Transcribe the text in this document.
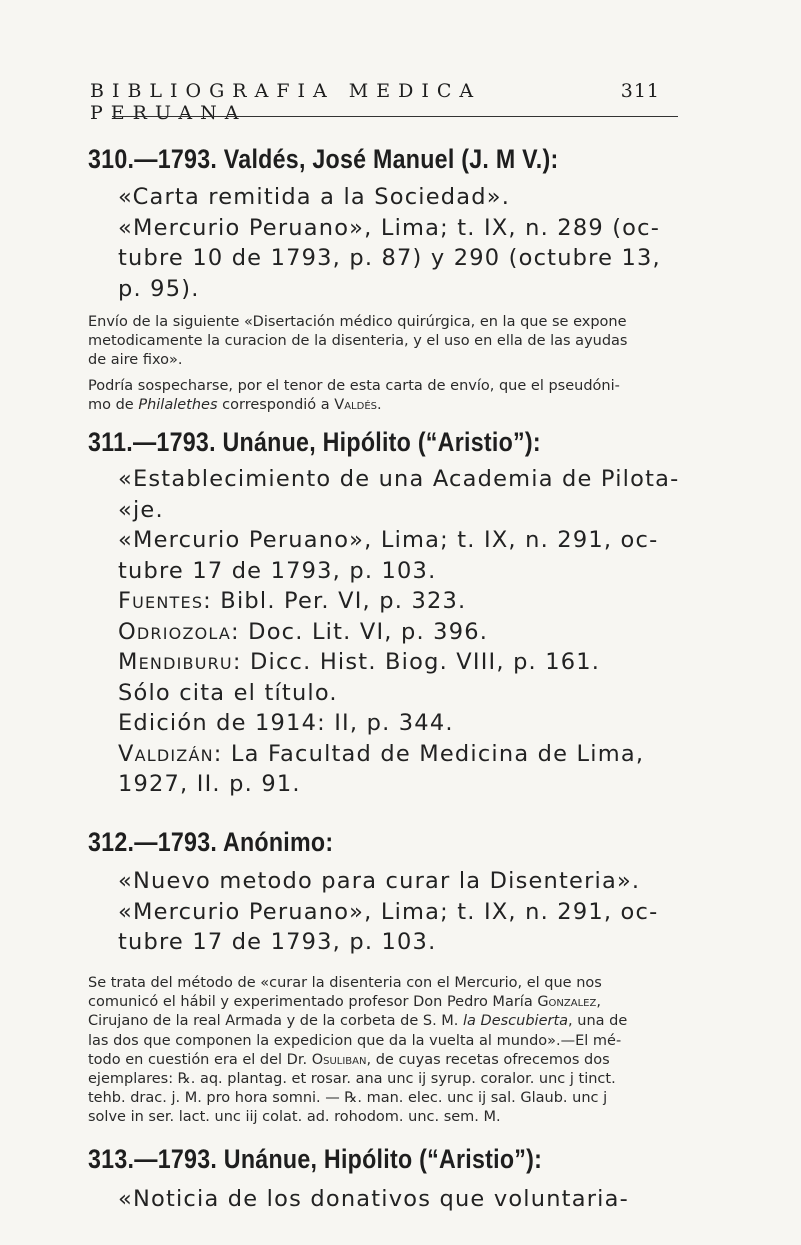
BIBLIOGRAFIA MEDICA PERUANA
311
310.—1793. Valdés, José Manuel (J. M V.):
«Carta remitida a la Sociedad».
«Mercurio Peruano», Lima; t. IX, n. 289 (oc-
tubre 10 de 1793, p. 87) y 290 (octubre 13,
p. 95).
Envío de la siguiente «Disertación médico quirúrgica, en la que se expone
metodicamente la curacion de la disenteria, y el uso en ella de las ayudas
de aire fixo».
Podría sospecharse, por el tenor de esta carta de envío, que el pseudóni-
mo de Philalethes correspondió a Valdés.
311.—1793. Unánue, Hipólito (“Aristio”):
«Establecimiento de una Academia de Pilota-
«je.
«Mercurio Peruano», Lima; t. IX, n. 291, oc-
tubre 17 de 1793, p. 103.
Fuentes: Bibl. Per. VI, p. 323.
Odriozola: Doc. Lit. VI, p. 396.
Mendiburu: Dicc. Hist. Biog. VIII, p. 161.
Sólo cita el título.
Edición de 1914: II, p. 344.
Valdizán: La Facultad de Medicina de Lima,
1927, II. p. 91.
312.—1793. Anónimo:
«Nuevo metodo para curar la Disenteria».
«Mercurio Peruano», Lima; t. IX, n. 291, oc-
tubre 17 de 1793, p. 103.
Se trata del método de «curar la disenteria con el Mercurio, el que nos
comunicó el hábil y experimentado profesor Don Pedro María Gonzalez,
Cirujano de la real Armada y de la corbeta de S. M. la Descubierta, una de
las dos que componen la expedicion que da la vuelta al mundo».—El mé-
todo en cuestión era el del Dr. Osuliban, de cuyas recetas ofrecemos dos
ejemplares: ℞. aq. plantag. et rosar. ana unc ij syrup. coralor. unc j tinct.
tehb. drac. j. M. pro hora somni. — ℞. man. elec. unc ij sal. Glaub. unc j
solve in ser. lact. unc iij colat. ad. rohodom. unc. sem. M.
313.—1793. Unánue, Hipólito (“Aristio”):
«Noticia de los donativos que voluntaria-
